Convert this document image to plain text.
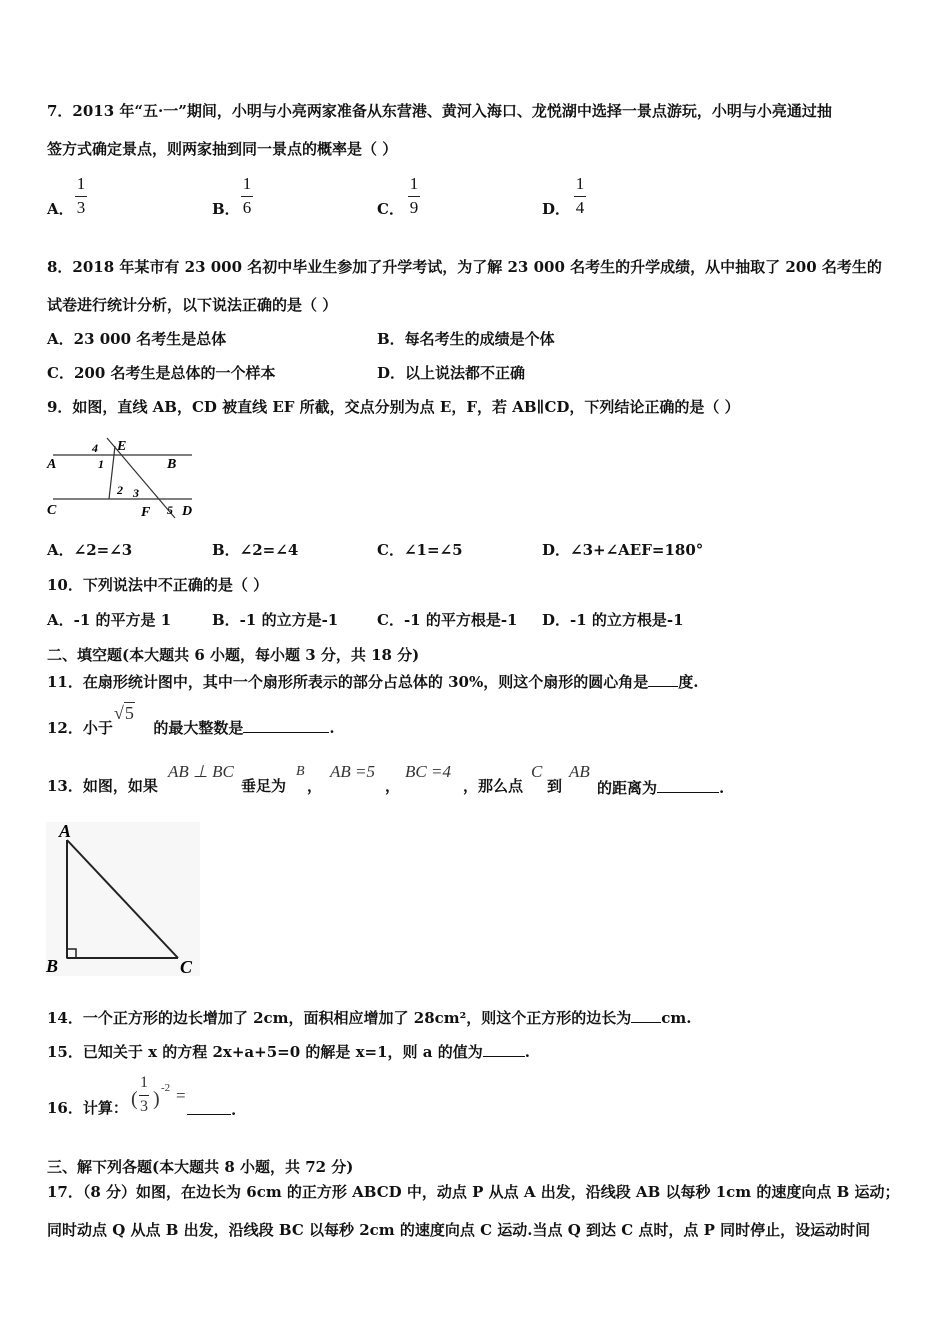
7．2013 年“五·一”期间，小明与小亮两家准备从东营港、黄河入海口、龙悦湖中选择一景点游玩，小明与小亮通过抽
签方式确定景点，则两家抽到同一景点的概率是（ ）
A．
1
3	B．
1
6	C．
1
9	D．
1
4
8．2018 年某市有 23 000 名初中毕业生参加了升学考试，为了解 23 000 名考生的升学成绩，从中抽取了 200 名考生的
试卷进行统计分析，以下说法正确的是（ ）
A．23 000 名考生是总体	B．每名考生的成绩是个体
C．200 名考生是总体的一个样本	D．以上说法都不正确
9．如图，直线 AB，CD 被直线 EF 所截，交点分别为点 E，F，若 AB∥CD，下列结论正确的是（ ）
A	B
C	D
E
F
4
1
2 3
5
A．∠2=∠3	B．∠2=∠4	C．∠1=∠5	D．∠3+∠AEF=180°
10．下列说法中不正确的是（ ）
A．-1 的平方是 1	B．-1 的立方是-1	C．-1 的平方根是-1 D．-1 的立方根是-1
二、填空题(本大题共 6 小题，每小题 3 分，共 18 分)
11．在扇形统计图中，其中一个扇形所表示的部分占总体的 30%，则这个扇形的圆心角是 度.
12．小于	的最大整数是	.
√5
13．如图，如果
AB ⊥ BC
垂足为
B
，
AB =5
，
BC =4
，那么点
C
到
AB
的距离为	.
A
B	C
14．一个正方形的边长增加了 2cm，面积相应增加了 28cm²，则这个正方形的边长为 cm.
15．已知关于 x 的方程 2x+a+5=0 的解是 x=1，则 a 的值为	.
16．计算： (
1
3 ) -2 =
.
三、解下列各题(本大题共 8 小题，共 72 分)
17．（8 分）如图，在边长为 6cm 的正方形 ABCD 中，动点 P 从点 A 出发，沿线段 AB 以每秒 1cm 的速度向点 B 运动；
同时动点 Q 从点 B 出发，沿线段 BC 以每秒 2cm 的速度向点 C 运动.当点 Q 到达 C 点时，点 P 同时停止，设运动时间
